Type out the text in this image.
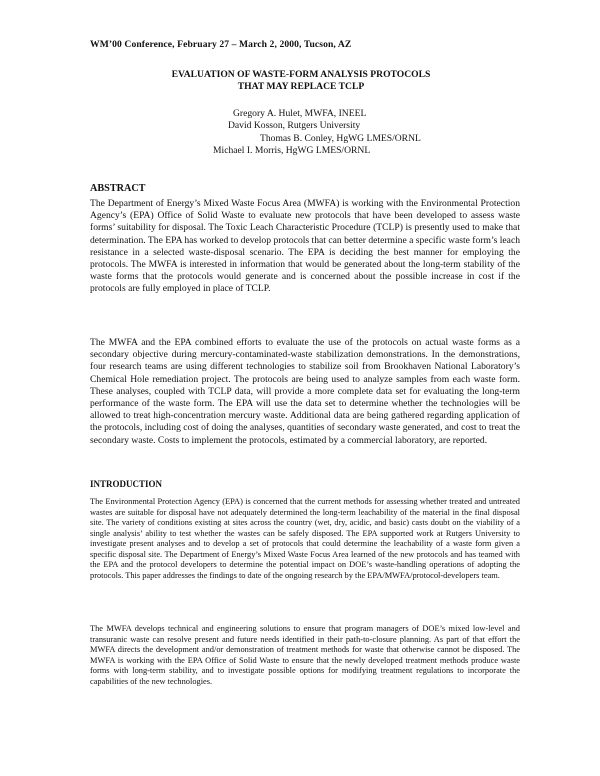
WM’00 Conference, February 27 – March 2, 2000, Tucson, AZ
EVALUATION OF WASTE-FORM ANALYSIS PROTOCOLS
THAT MAY REPLACE TCLP
Gregory A. Hulet, MWFA, INEEL
David Kosson, Rutgers University
Thomas B. Conley, HgWG LMES/ORNL
Michael I. Morris, HgWG LMES/ORNL
ABSTRACT
The Department of Energy’s Mixed Waste Focus Area (MWFA) is working with the Environmental Protection Agency’s (EPA) Office of Solid Waste to evaluate new protocols that have been developed to assess waste forms’ suitability for disposal. The Toxic Leach Characteristic Procedure (TCLP) is presently used to make that determination. The EPA has worked to develop protocols that can better determine a specific waste form’s leach resistance in a selected waste-disposal scenario. The EPA is deciding the best manner for employing the protocols. The MWFA is interested in information that would be generated about the long-term stability of the waste forms that the protocols would generate and is concerned about the possible increase in cost if the protocols are fully employed in place of TCLP.
The MWFA and the EPA combined efforts to evaluate the use of the protocols on actual waste forms as a secondary objective during mercury-contaminated-waste stabilization demonstrations. In the demonstrations, four research teams are using different technologies to stabilize soil from Brookhaven National Laboratory’s Chemical Hole remediation project. The protocols are being used to analyze samples from each waste form. These analyses, coupled with TCLP data, will provide a more complete data set for evaluating the long-term performance of the waste form. The EPA will use the data set to determine whether the technologies will be allowed to treat high-concentration mercury waste. Additional data are being gathered regarding application of the protocols, including cost of doing the analyses, quantities of secondary waste generated, and cost to treat the secondary waste. Costs to implement the protocols, estimated by a commercial laboratory, are reported.
INTRODUCTION
The Environmental Protection Agency (EPA) is concerned that the current methods for assessing whether treated and untreated wastes are suitable for disposal have not adequately determined the long-term leachability of the material in the final disposal site. The variety of conditions existing at sites across the country (wet, dry, acidic, and basic) casts doubt on the viability of a single analysis’ ability to test whether the wastes can be safely disposed. The EPA supported work at Rutgers University to investigate present analyses and to develop a set of protocols that could determine the leachability of a waste form given a specific disposal site. The Department of Energy’s Mixed Waste Focus Area learned of the new protocols and has teamed with the EPA and the protocol developers to determine the potential impact on DOE’s waste-handling operations of adopting the protocols. This paper addresses the findings to date of the ongoing research by the EPA/MWFA/protocol-developers team.
The MWFA develops technical and engineering solutions to ensure that program managers of DOE’s mixed low-level and transuranic waste can resolve present and future needs identified in their path-to-closure planning. As part of that effort the MWFA directs the development and/or demonstration of treatment methods for waste that otherwise cannot be disposed. The MWFA is working with the EPA Office of Solid Waste to ensure that the newly developed treatment methods produce waste forms with long-term stability, and to investigate possible options for modifying treatment regulations to incorporate the capabilities of the new technologies.
